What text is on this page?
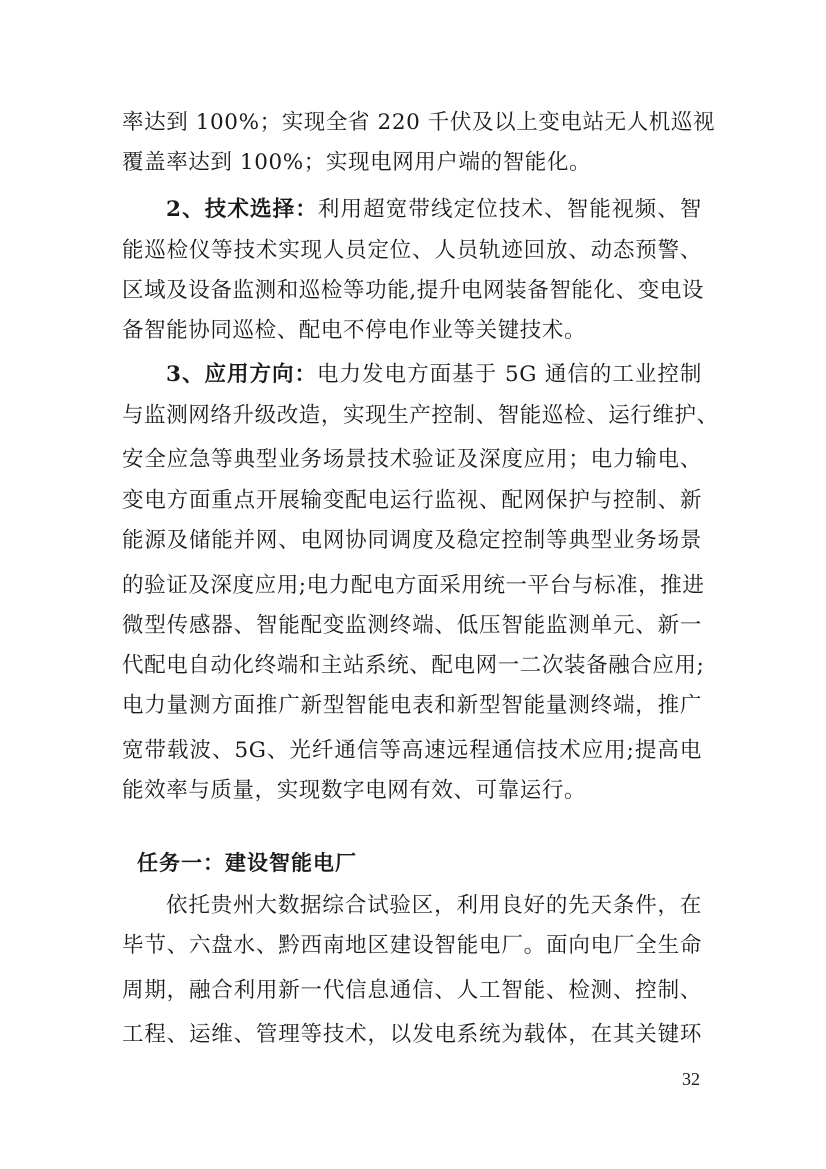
率达到 100%；实现全省 220 千伏及以上变电站无人机巡视
覆盖率达到 100%；实现电网用户端的智能化。
2、技术选择：利用超宽带线定位技术、智能视频、智
能巡检仪等技术实现人员定位、人员轨迹回放、动态预警、
区域及设备监测和巡检等功能,提升电网装备智能化、变电设
备智能协同巡检、配电不停电作业等关键技术。
3、应用方向：电力发电方面基于 5G 通信的工业控制
与监测网络升级改造，实现生产控制、智能巡检、运行维护、
安全应急等典型业务场景技术验证及深度应用；电力输电、
变电方面重点开展输变配电运行监视、配网保护与控制、新
能源及储能并网、电网协同调度及稳定控制等典型业务场景
的验证及深度应用;电力配电方面采用统一平台与标准，推进
微型传感器、智能配变监测终端、低压智能监测单元、新一
代配电自动化终端和主站系统、配电网一二次装备融合应用;
电力量测方面推广新型智能电表和新型智能量测终端，推广
宽带载波、5G、光纤通信等高速远程通信技术应用;提高电
能效率与质量，实现数字电网有效、可靠运行。
任务一：建设智能电厂
依托贵州大数据综合试验区，利用良好的先天条件，在
毕节、六盘水、黔西南地区建设智能电厂。面向电厂全生命
周期，融合利用新一代信息通信、人工智能、检测、控制、
工程、运维、管理等技术，以发电系统为载体，在其关键环
32
